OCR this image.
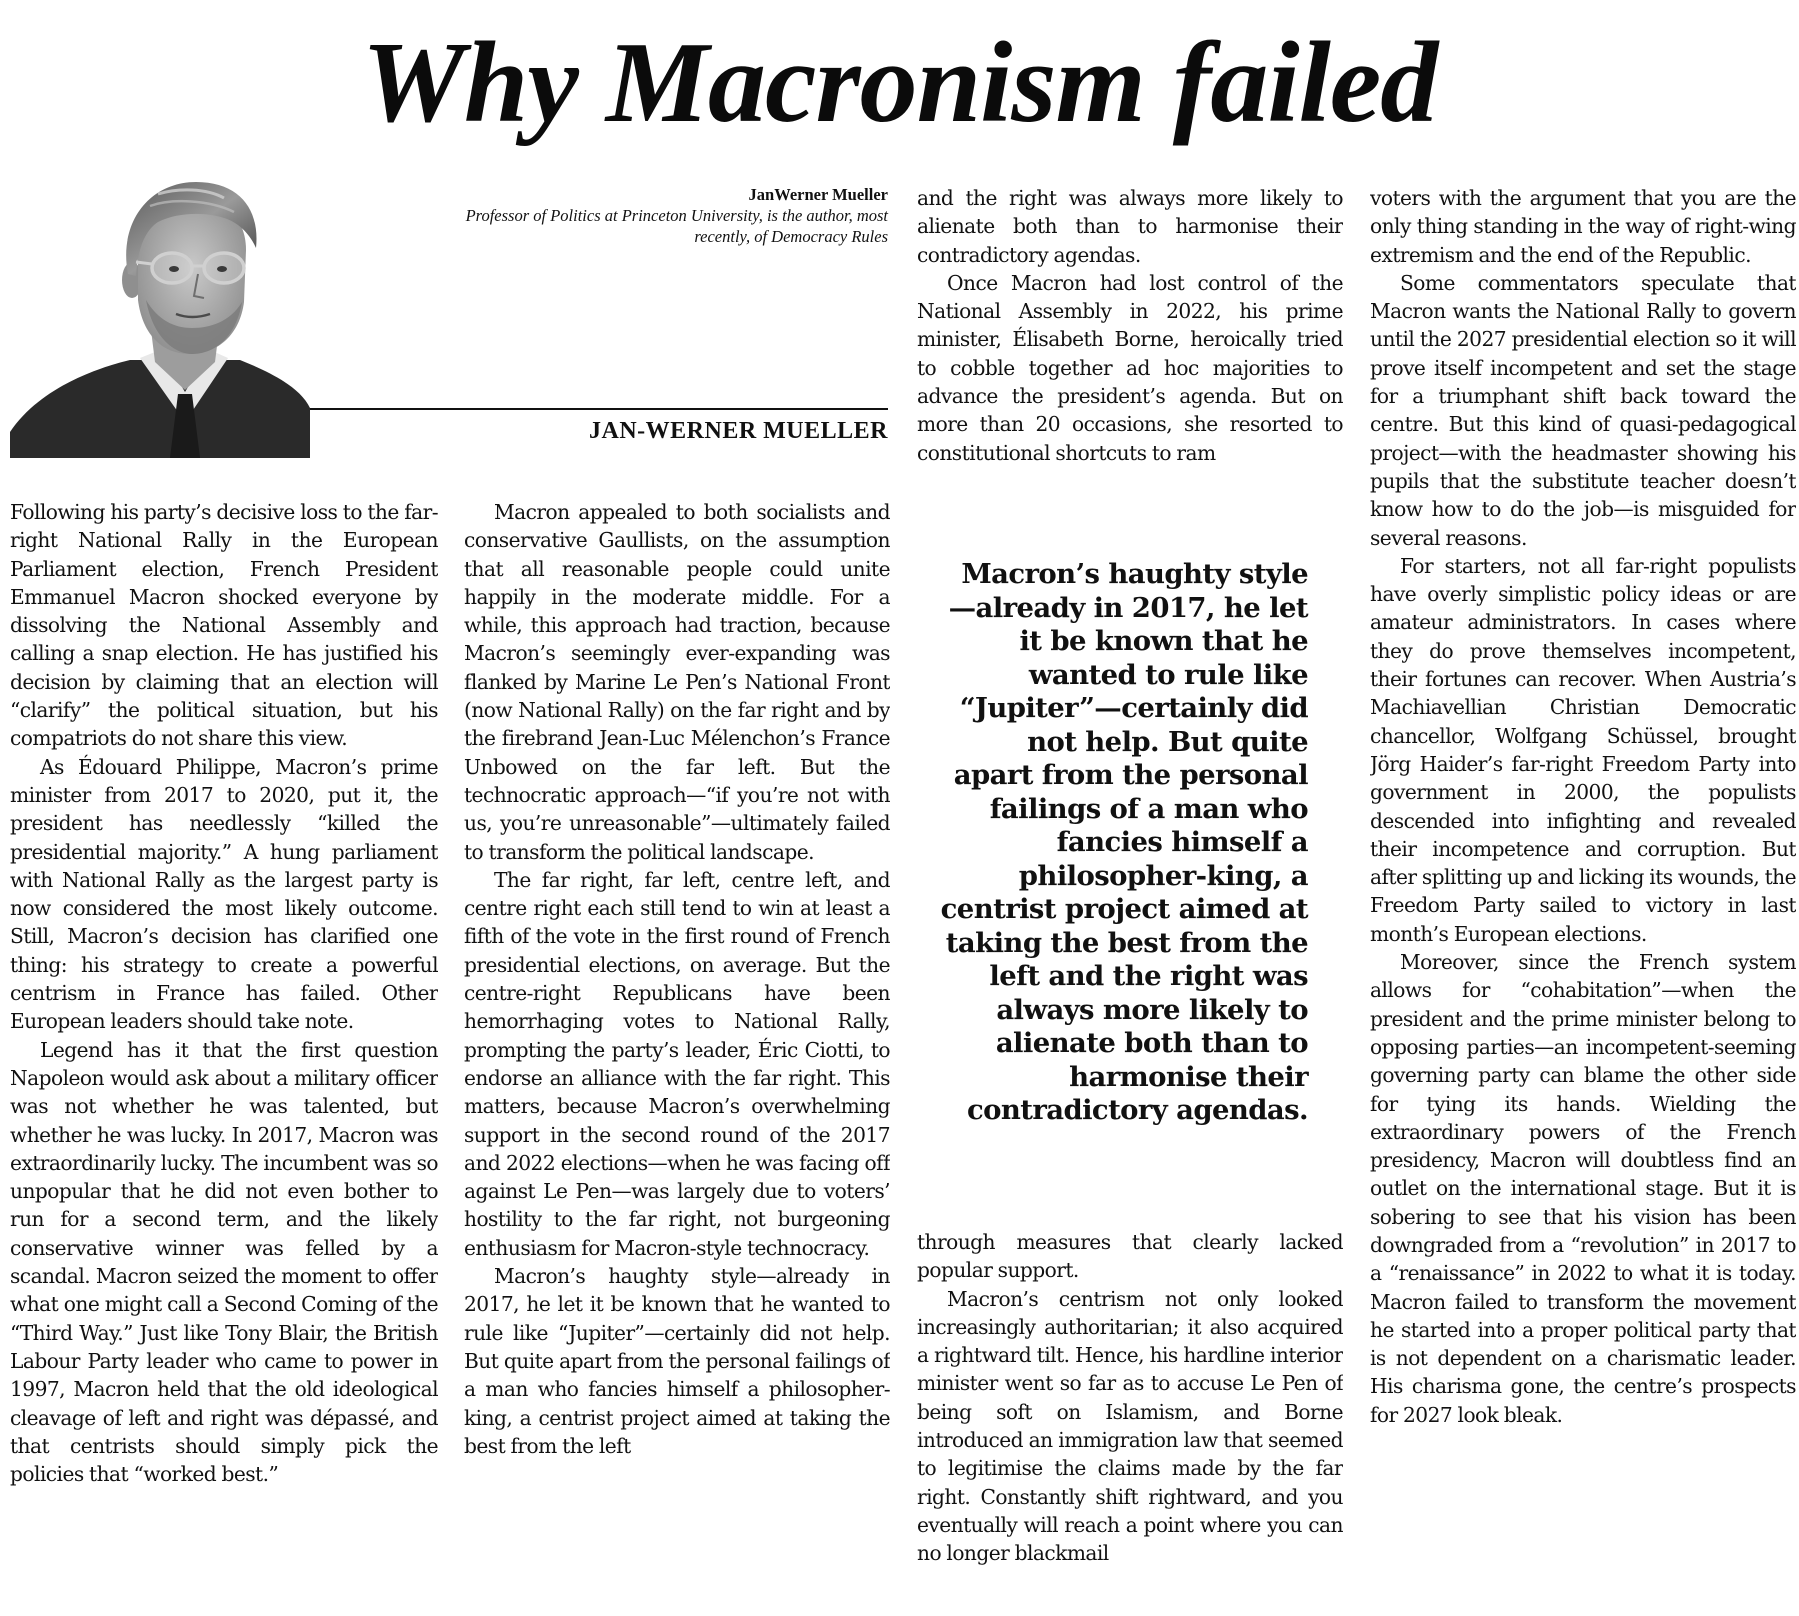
Why Macronism failed
JanWerner Mueller
Professor of Politics at Princeton University, is the author, most recently, of Democracy Rules
JAN-WERNER MUELLER

Following his party’s decisive loss to the far-right National Rally in the European Parliament election, French President Emmanuel Macron shocked everyone by dissolving the National Assembly and calling a snap election. He has justified his decision by claiming that an election will “clarify” the political situation, but his compatriots do not share this view.

As Édouard Philippe, Macron’s prime minister from 2017 to 2020, put it, the president has needlessly “killed the presidential majority.” A hung parliament with National Rally as the largest party is now considered the most likely outcome. Still, Macron’s decision has clarified one thing: his strategy to create a powerful centrism in France has failed. Other European leaders should take note.

Legend has it that the first question Napoleon would ask about a military officer was not whether he was talented, but whether he was lucky. In 2017, Macron was extraordinarily lucky. The incumbent was so unpopular that he did not even bother to run for a second term, and the likely conservative winner was felled by a scandal. Macron seized the moment to offer what one might call a Second Coming of the “Third Way.” Just like Tony Blair, the British Labour Party leader who came to power in 1997, Macron held that the old ideological cleavage of left and right was dépassé, and that centrists should simply pick the policies that “worked best.”

Macron appealed to both socialists and conservative Gaullists, on the assumption that all reasonable people could unite happily in the moderate middle. For a while, this approach had traction, because Macron’s seemingly ever-expanding was flanked by Marine Le Pen’s National Front (now National Rally) on the far right and by the firebrand Jean-Luc Mélenchon’s France Unbowed on the far left. But the technocratic approach—“if you’re not with us, you’re unreasonable”—ultimately failed to transform the political landscape.

The far right, far left, centre left, and centre right each still tend to win at least a fifth of the vote in the first round of French presidential elections, on average. But the centre-right Republicans have been hemorrhaging votes to National Rally, prompting the party’s leader, Éric Ciotti, to endorse an alliance with the far right. This matters, because Macron’s overwhelming support in the second round of the 2017 and 2022 elections—when he was facing off against Le Pen—was largely due to voters’ hostility to the far right, not burgeoning enthusiasm for Macron-style technocracy.

Macron’s haughty style—already in 2017, he let it be known that he wanted to rule like “Jupiter”—certainly did not help. But quite apart from the personal failings of a man who fancies himself a philosopher-king, a centrist project aimed at taking the best from the left

and the right was always more likely to alienate both than to harmonise their contradictory agendas.

Once Macron had lost control of the National Assembly in 2022, his prime minister, Élisabeth Borne, heroically tried to cobble together ad hoc majorities to advance the president’s agenda. But on more than 20 occasions, she resorted to constitutional shortcuts to ram

Macron’s haughty style—already in 2017, he let it be known that he wanted to rule like “Jupiter”—certainly did not help. But quite apart from the personal failings of a man who fancies himself a philosopher-king, a centrist project aimed at taking the best from the left and the right was always more likely to alienate both than to harmonise their contradictory agendas.

through measures that clearly lacked popular support.

Macron’s centrism not only looked increasingly authoritarian; it also acquired a rightward tilt. Hence, his hardline interior minister went so far as to accuse Le Pen of being soft on Islamism, and Borne introduced an immigration law that seemed to legitimise the claims made by the far right. Constantly shift rightward, and you eventually will reach a point where you can no longer blackmail

voters with the argument that you are the only thing standing in the way of right-wing extremism and the end of the Republic.

Some commentators speculate that Macron wants the National Rally to govern until the 2027 presidential election so it will prove itself incompetent and set the stage for a triumphant shift back toward the centre. But this kind of quasi-pedagogical project—with the headmaster showing his pupils that the substitute teacher doesn’t know how to do the job—is misguided for several reasons.

For starters, not all far-right populists have overly simplistic policy ideas or are amateur administrators. In cases where they do prove themselves incompetent, their fortunes can recover. When Austria’s Machiavellian Christian Democratic chancellor, Wolfgang Schüssel, brought Jörg Haider’s far-right Freedom Party into government in 2000, the populists descended into infighting and revealed their incompetence and corruption. But after splitting up and licking its wounds, the Freedom Party sailed to victory in last month’s European elections.

Moreover, since the French system allows for “cohabitation”—when the president and the prime minister belong to opposing parties—an incompetent-seeming governing party can blame the other side for tying its hands. Wielding the extraordinary powers of the French presidency, Macron will doubtless find an outlet on the international stage. But it is sobering to see that his vision has been downgraded from a “revolution” in 2017 to a “renaissance” in 2022 to what it is today. Macron failed to transform the movement he started into a proper political party that is not dependent on a charismatic leader. His charisma gone, the centre’s prospects for 2027 look bleak.
